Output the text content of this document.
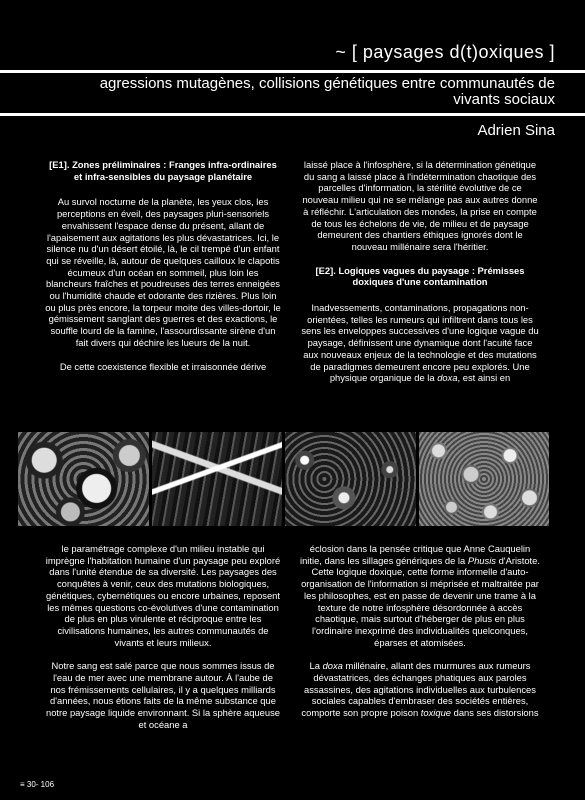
~ [ paysages d(t)oxiques ]
agressions mutagènes, collisions génétiques entre communautés de vivants sociaux
Adrien Sina
[E1]. Zones préliminaires : Franges infra-ordinaires et infra-sensibles du paysage planétaire

Au survol nocturne de la planète, les yeux clos, les perceptions en éveil, des paysages pluri-sensoriels envahissent l'espace dense du présent, allant de l'apaisement aux agitations les plus dévastatrices. Ici, le silence nu d'un désert étoilé, là, le cil trempé d'un enfant qui se réveille, là, autour de quelques cailloux le clapotis écumeux d'un océan en sommeil, plus loin les blancheurs fraîches et poudreuses des terres enneigées ou l'humidité chaude et odorante des rizières. Plus loin ou plus près encore, la torpeur moite des villes-dortoir, le gémissement sanglant des guerres et des exactions, le souffle lourd de la famine, l'assourdissante sirène d'un fait divers qui déchire les lueurs de la nuit.

De cette coexistence flexible et irraisonnée dérive

laissé place à l'infosphère, si la détermination génétique du sang a laissé place à l'indétermination chaotique des parcelles d'information, la stérilité évolutive de ce nouveau milieu qui ne se mélange pas aux autres donne à réfléchir. L'articulation des mondes, la prise en compte de tous les échelons de vie, de milieu et de paysage demeurent des chantiers éthiques ignorés dont le nouveau millénaire sera l'héritier.

[E2]. Logiques vagues du paysage : Prémisses doxiques d'une contamination

Inadvessements, contaminations, propagations non-orientées, telles les rumeurs qui infiltrent dans tous les sens les enveloppes successives d'une logique vague du paysage, définissent une dynamique dont l'acuité face aux nouveaux enjeux de la technologie et des mutations de paradigmes demeurent encore peu explorés. Une physique organique de la doxa, est ainsi en

le paramétrage complexe d'un milieu instable qui imprègne l'habitation humaine d'un paysage peu exploré dans l'unité étendue de sa diversité. Les paysages des conquêtes à venir, ceux des mutations biologiques, génétiques, cybernétiques ou encore urbaines, reposent les mêmes questions co-évolutives d'une contamination de plus en plus virulente et réciproque entre les civilisations humaines, les autres communautés de vivants et leurs milieux.

Notre sang est salé parce que nous sommes issus de l'eau de mer avec une membrane autour. À l'aube de nos frémissements cellulaires, il y a quelques milliards d'années, nous étions faits de la même substance que notre paysage liquide environnant. Si la sphère aqueuse et océane a

éclosion dans la pensée critique que Anne Cauquelin initie, dans les sillages génériques de la Phusis d'Aristote. Cette logique doxique, cette forme informelle d'auto-organisation de l'information si méprisée et maltraitée par les philosophes, est en passe de devenir une trame à la texture de notre infosphère désordonnée à accès chaotique, mais surtout d'héberger de plus en plus l'ordinaire inexprimé des individualités quelconques, éparses et atomisées.

La doxa millénaire, allant des murmures aux rumeurs dévastatrices, des échanges phatiques aux paroles assassines, des agitations individuelles aux turbulences sociales capables d'embraser des sociétés entières, comporte son propre poison toxique dans ses distorsions

≡ 30- 106
